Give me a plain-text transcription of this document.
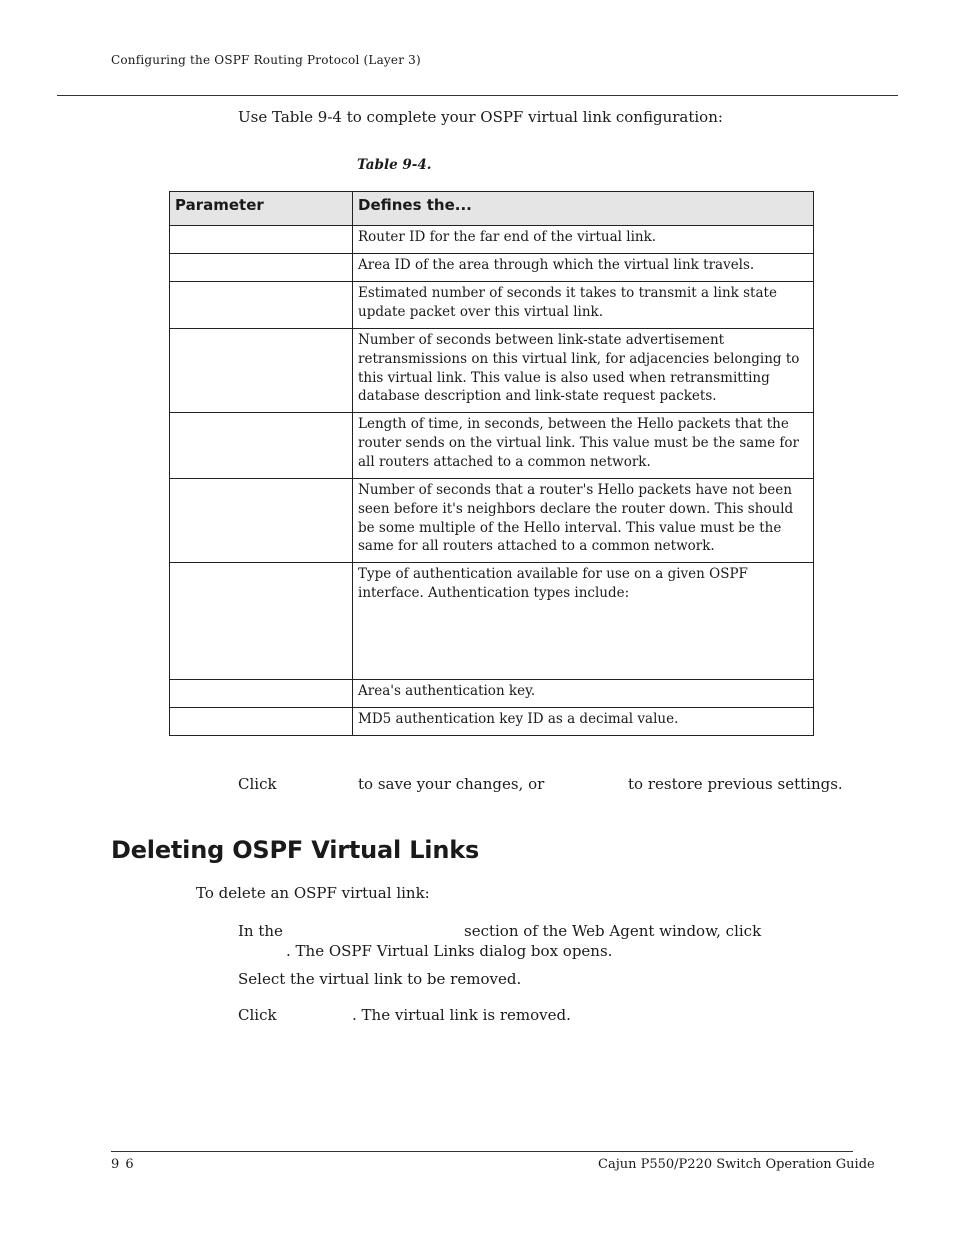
Configuring the OSPF Routing Protocol (Layer 3)
Use Table 9-4 to complete your OSPF virtual link configuration:
Table 9-4.
Parameter	Defines the...
	Router ID for the far end of the virtual link.
	Area ID of the area through which the virtual link travels.
	Estimated number of seconds it takes to transmit a link state update packet over this virtual link.
	Number of seconds between link-state advertisement retransmissions on this virtual link, for adjacencies belonging to this virtual link. This value is also used when retransmitting database description and link-state request packets.
	Length of time, in seconds, between the Hello packets that the router sends on the virtual link. This value must be the same for all routers attached to a common network.
	Number of seconds that a router's Hello packets have not been seen before it's neighbors declare the router down. This should be some multiple of the Hello interval. This value must be the same for all routers attached to a common network.
	Type of authentication available for use on a given OSPF interface. Authentication types include:
	Area's authentication key.
	MD5 authentication key ID as a decimal value.
Click	to save your changes, or	to restore previous settings.
Deleting OSPF Virtual Links
To delete an OSPF virtual link:
In the	section of the Web Agent window, click
. The OSPF Virtual Links dialog box opens.
Select the virtual link to be removed.
Click	. The virtual link is removed.
9 6	Cajun P550/P220 Switch Operation Guide
